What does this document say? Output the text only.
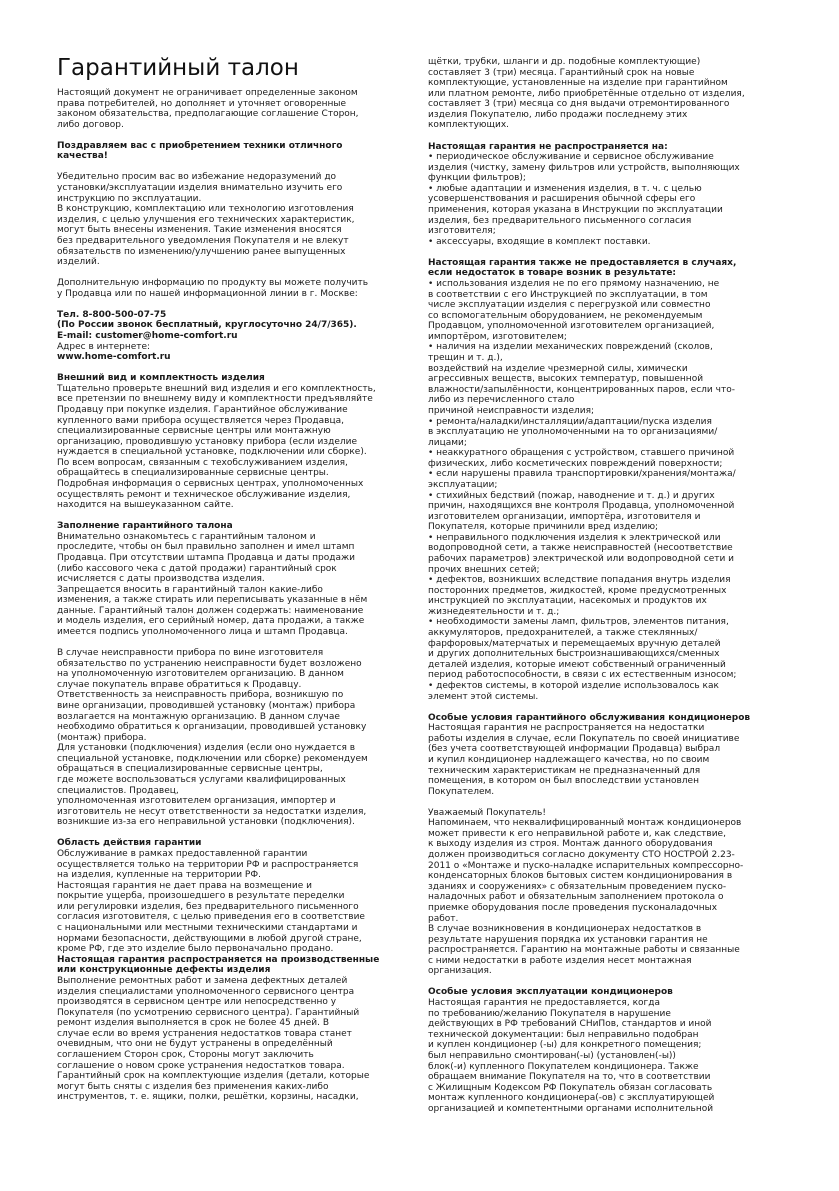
Гарантийный талон

Настоящий документ не ограничивает определенные законом
права потребителей, но дополняет и уточняет оговоренные
законом обязательства, предполагающие соглашение Сторон,
либо договор.

Поздравляем вас с приобретением техники отличного
качества!

Убедительно просим вас во избежание недоразумений до
установки/эксплуатации изделия внимательно изучить его
инструкцию по эксплуатации.
В конструкцию, комплектацию или технологию изготовления
изделия, с целью улучшения его технических характеристик,
могут быть внесены изменения. Такие изменения вносятся
без предварительного уведомления Покупателя и не влекут
обязательств по изменению/улучшению ранее выпущенных
изделий.

Дополнительную информацию по продукту вы можете получить
у Продавца или по нашей информационной линии в г. Москве:

Тел. 8-800-500-07-75
(По России звонок бесплатный, круглосуточно 24/7/365).
E-mail: customer@home-comfort.ru

Адрес в интернете:

www.home-comfort.ru

Внешний вид и комплектность изделия

Тщательно проверьте внешний вид изделия и его комплектность,
все претензии по внешнему виду и комплектности предъявляйте
Продавцу при покупке изделия. Гарантийное обслуживание
купленного вами прибора осуществляется через Продавца,
специализированные сервисные центры или монтажную
организацию, проводившую установку прибора (если изделие
нуждается в специальной установке, подключении или сборке).
По всем вопросам, связанным с техобслуживанием изделия,
обращайтесь в специализированные сервисные центры.
Подробная информация о сервисных центрах, уполномоченных
осуществлять ремонт и техническое обслуживание изделия,
находится на вышеуказанном сайте.

Заполнение гарантийного талона

Внимательно ознакомьтесь с гарантийным талоном и
проследите, чтобы он был правильно заполнен и имел штамп
Продавца. При отсутствии штампа Продавца и даты продажи
(либо кассового чека с датой продажи) гарантийный срок
исчисляется с даты производства изделия.
Запрещается вносить в гарантийный талон какие-либо
изменения, а также стирать или переписывать указанные в нём
данные. Гарантийный талон должен содержать: наименование
и модель изделия, его серийный номер, дата продажи, а также
имеется подпись уполномоченного лица и штамп Продавца.

В случае неисправности прибора по вине изготовителя
обязательство по устранению неисправности будет возложено
на уполномоченную изготовителем организацию. В данном
случае покупатель вправе обратиться к Продавцу.
Ответственность за неисправность прибора, возникшую по
вине организации, проводившей установку (монтаж) прибора
возлагается на монтажную организацию. В данном случае
необходимо обратиться к организации, проводившей установку
(монтаж) прибора.
Для установки (подключения) изделия (если оно нуждается в
специальной установке, подключении или сборке) рекомендуем
обращаться в специализированные сервисные центры,
где можете воспользоваться услугами квалифицированных
специалистов. Продавец,
уполномоченная изготовителем организация, импортер и
изготовитель не несут ответственности за недостатки изделия,
возникшие из-за его неправильной установки (подключения).

Область действия гарантии

Обслуживание в рамках предоставленной гарантии
осуществляется только на территории РФ и распространяется
на изделия, купленные на территории РФ.
Настоящая гарантия не дает права на возмещение и
покрытие ущерба, произошедшего в результате переделки
или регулировки изделия, без предварительного письменного
согласия изготовителя, с целью приведения его в соответствие
с национальными или местными техническими стандартами и
нормами безопасности, действующими в любой другой стране,
кроме РФ, где это изделие было первоначально продано.

Настоящая гарантия распространяется на производственные
или конструкционные дефекты изделия

Выполнение ремонтных работ и замена дефектных деталей
изделия специалистами уполномоченного сервисного центра
производятся в сервисном центре или непосредственно у
Покупателя (по усмотрению сервисного центра). Гарантийный
ремонт изделия выполняется в срок не более 45 дней. В
случае если во время устранения недостатков товара станет
очевидным, что они не будут устранены в определённый
соглашением Сторон срок, Стороны могут заключить
соглашение о новом сроке устранения недостатков товара.
Гарантийный срок на комплектующие изделия (детали, которые
могут быть сняты с изделия без применения каких-либо
инструментов, т. е. ящики, полки, решётки, корзины, насадки,

щётки, трубки, шланги и др. подобные комплектующие)
составляет 3 (три) месяца. Гарантийный срок на новые
комплектующие, установленные на изделие при гарантийном
или платном ремонте, либо приобретённые отдельно от изделия,
составляет 3 (три) месяца со дня выдачи отремонтированного
изделия Покупателю, либо продажи последнему этих
комплектующих.

Настоящая гарантия не распространяется на:

• периодическое обслуживание и сервисное обслуживание
изделия (чистку, замену фильтров или устройств, выполняющих
функции фильтров);
• любые адаптации и изменения изделия, в т. ч. с целью
усовершенствования и расширения обычной сферы его
применения, которая указана в Инструкции по эксплуатации
изделия, без предварительного письменного согласия
изготовителя;
• аксессуары, входящие в комплект поставки.

Настоящая гарантия также не предоставляется в случаях,
если недостаток в товаре возник в результате:

• использования изделия не по его прямому назначению, не
в соответствии с его Инструкцией по эксплуатации, в том
числе эксплуатации изделия с перегрузкой или совместно
со вспомогательным оборудованием, не рекомендуемым
Продавцом, уполномоченной изготовителем организацией,
импортёром, изготовителем;
• наличия на изделии механических повреждений (сколов,
трещин и т. д.),
воздействий на изделие чрезмерной силы, химически
агрессивных веществ, высоких температур, повышенной
влажности/запылённости, концентрированных паров, если что-
либо из перечисленного стало
причиной неисправности изделия;
• ремонта/наладки/инсталляции/адаптации/пуска изделия
в эксплуатацию не уполномоченными на то организациями/
лицами;
• неаккуратного обращения с устройством, ставшего причиной
физических, либо косметических повреждений поверхности;
• если нарушены правила транспортировки/хранения/монтажа/
эксплуатации;
• стихийных бедствий (пожар, наводнение и т. д.) и других
причин, находящихся вне контроля Продавца, уполномоченной
изготовителем организации, импортёра, изготовителя и
Покупателя, которые причинили вред изделию;
• неправильного подключения изделия к электрической или
водопроводной сети, а также неисправностей (несоответствие
рабочих параметров) электрической или водопроводной сети и
прочих внешних сетей;
• дефектов, возникших вследствие попадания внутрь изделия
посторонних предметов, жидкостей, кроме предусмотренных
инструкцией по эксплуатации, насекомых и продуктов их
жизнедеятельности и т. д.;
• необходимости замены ламп, фильтров, элементов питания,
аккумуляторов, предохранителей, а также стеклянных/
фарфоровых/матерчатых и перемещаемых вручную деталей
и других дополнительных быстроизнашивающихся/сменных
деталей изделия, которые имеют собственный ограниченный
период работоспособности, в связи с их естественным износом;
• дефектов системы, в которой изделие использовалось как
элемент этой системы.

Особые условия гарантийного обслуживания кондиционеров

Настоящая гарантия не распространяется на недостатки
работы изделия в случае, если Покупатель по своей инициативе
(без учета соответствующей информации Продавца) выбрал
и купил кондиционер надлежащего качества, но по своим
техническим характеристикам не предназначенный для
помещения, в котором он был впоследствии установлен
Покупателем.

Уважаемый Покупатель!
Напоминаем, что неквалифицированный монтаж кондиционеров
может привести к его неправильной работе и, как следствие,
к выходу изделия из строя. Монтаж данного оборудования
должен производиться согласно документу СТО НОСТРОЙ 2.23-
2011 о «Монтаже и пуско-наладке испарительных компрессорно-
конденсаторных блоков бытовых систем кондиционирования в
зданиях и сооружениях» с обязательным проведением пуско-
наладочных работ и обязательным заполнением протокола о
приемке оборудования после проведения пусконаладочных
работ.
В случае возникновения в кондиционерах недостатков в
результате нарушения порядка их установки гарантия не
распространяется. Гарантию на монтажные работы и связанные
с ними недостатки в работе изделия несет монтажная
организация.

Особые условия эксплуатации кондиционеров

Настоящая гарантия не предоставляется, когда
по требованию/желанию Покупателя в нарушение
действующих в РФ требований СНиПов, стандартов и иной
технической документации: был неправильно подобран
и куплен кондиционер (-ы) для конкретного помещения;
был неправильно смонтирован(-ы) (установлен(-ы))
блок(-и) купленного Покупателем кондиционера. Также
обращаем внимание Покупателя на то, что в соответствии
с Жилищным Кодексом РФ Покупатель обязан согласовать
монтаж купленного кондиционера(-ов) с эксплуатирующей
организацией и компетентными органами исполнительной
